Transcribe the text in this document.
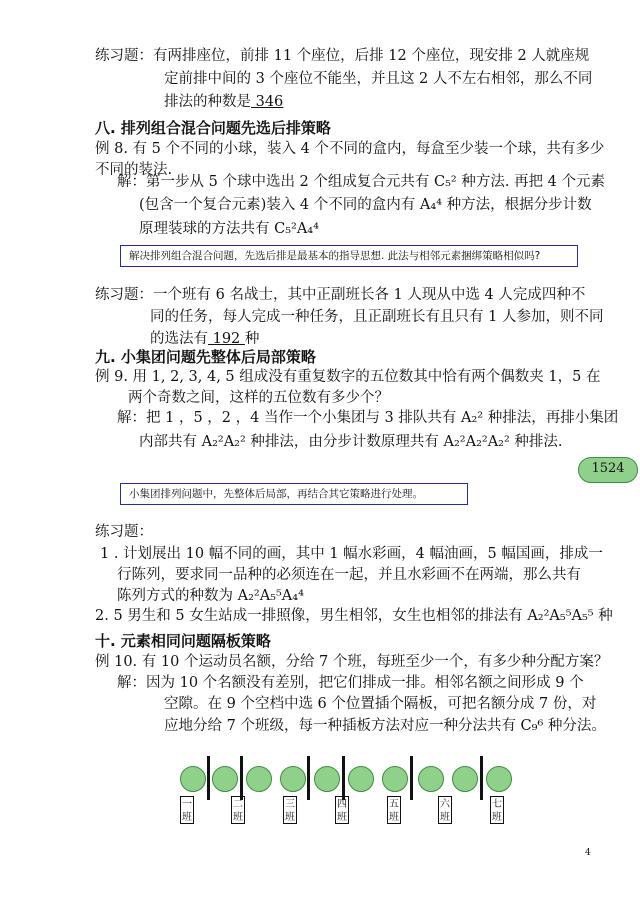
练习题：有两排座位，前排 11 个座位，后排 12 个座位，现安排 2 人就座规
定前排中间的 3 个座位不能坐，并且这 2 人不左右相邻，那么不同
排法的种数是 346
八. 排列组合混合问题先选后排策略
例 8. 有 5 个不同的小球，装入 4 个不同的盒内，每盒至少装一个球，共有多少
不同的装法.
解：第一步从 5 个球中选出 2 个组成复合元共有 C₅² 种方法. 再把 4 个元素
(包含一个复合元素)装入 4 个不同的盒内有 A₄⁴ 种方法，根据分步计数
原理装球的方法共有 C₅²A₄⁴
解决排列组合混合问题，先选后排是最基本的指导思想. 此法与相邻元素捆绑策略相似吗?
练习题：一个班有 6 名战士，其中正副班长各 1 人现从中选 4 人完成四种不
同的任务，每人完成一种任务，且正副班长有且只有 1 人参加，则不同
的选法有 192 种
九. 小集团问题先整体后局部策略
例 9. 用 1, 2, 3, 4, 5 组成没有重复数字的五位数其中恰有两个偶数夹 1，5 在
两个奇数之间，这样的五位数有多少个？
解：把 1 ，5 ，2 ，4 当作一个小集团与 3 排队共有 A₂² 种排法，再排小集团
内部共有 A₂²A₂² 种排法，由分步计数原理共有 A₂²A₂²A₂² 种排法.
1524
小集团排列问题中，先整体后局部，再结合其它策略进行处理。
练习题：
1 . 计划展出 10 幅不同的画，其中 1 幅水彩画，4 幅油画，5 幅国画，排成一
行陈列，要求同一品种的必须连在一起，并且水彩画不在两端，那么共有
陈列方式的种数为 A₂²A₅⁵A₄⁴
2. 5 男生和 5 女生站成一排照像，男生相邻，女生也相邻的排法有 A₂²A₅⁵A₅⁵ 种
十. 元素相同问题隔板策略
例 10. 有 10 个运动员名额，分给 7 个班，每班至少一个，有多少种分配方案？
解：因为 10 个名额没有差别，把它们排成一排。相邻名额之间形成 9 个
空隙。在 9 个空档中选 6 个位置插个隔板，可把名额分成 7 份，对
应地分给 7 个班级，每一种插板方法对应一种分法共有 C₉⁶ 种分法。
一班
二班
三班
四班
五班
六班
七班
4
